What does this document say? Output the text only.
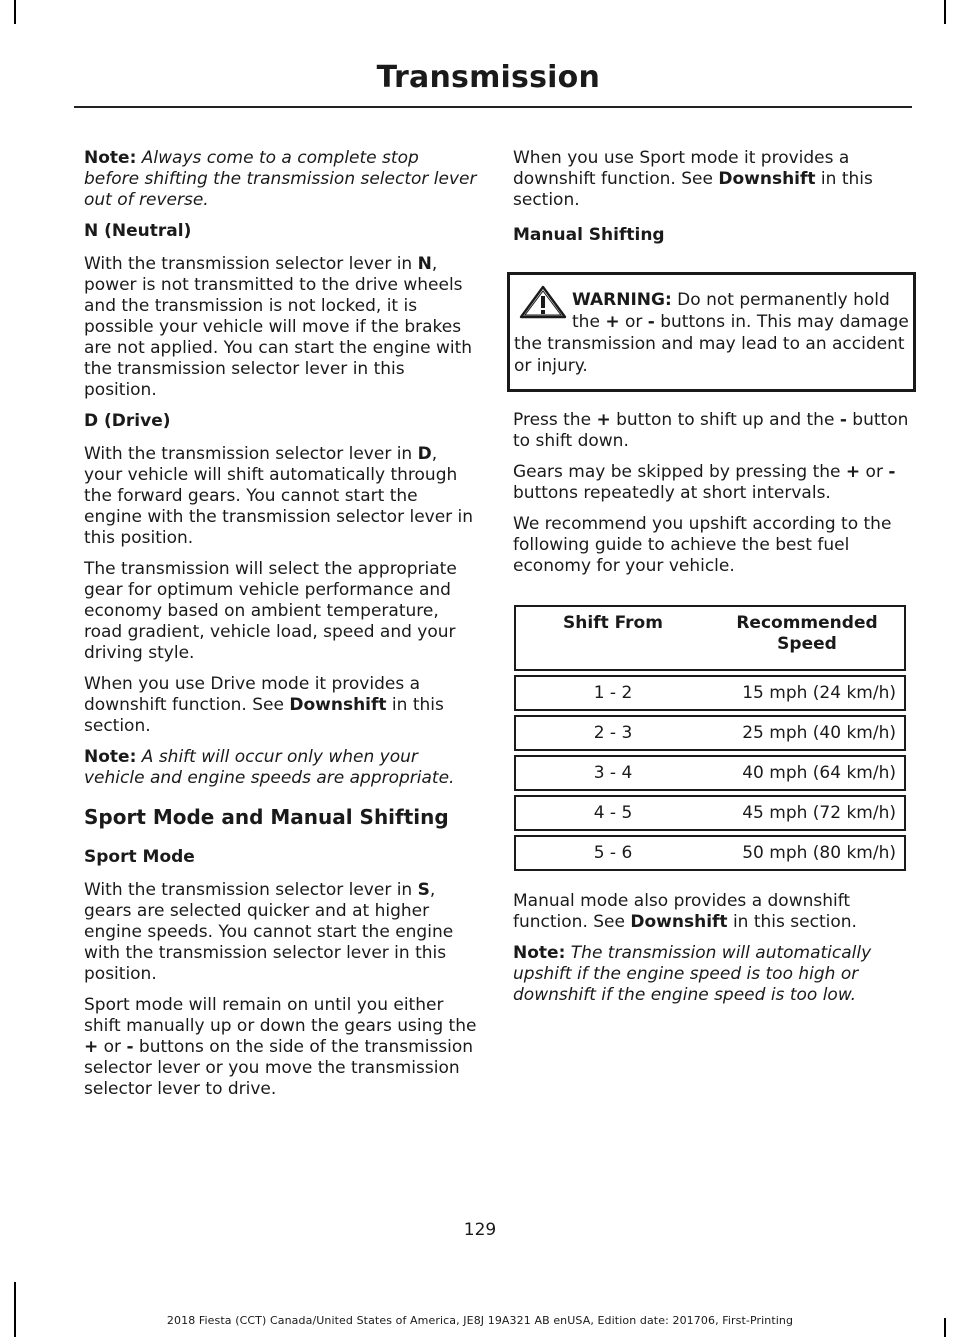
Transmission

Note: Always come to a complete stop before shifting the transmission selector lever out of reverse.

N (Neutral)

With the transmission selector lever in N, power is not transmitted to the drive wheels and the transmission is not locked, it is possible your vehicle will move if the brakes are not applied. You can start the engine with the transmission selector lever in this position.

D (Drive)

With the transmission selector lever in D, your vehicle will shift automatically through the forward gears. You cannot start the engine with the transmission selector lever in this position.

The transmission will select the appropriate gear for optimum vehicle performance and economy based on ambient temperature, road gradient, vehicle load, speed and your driving style.

When you use Drive mode it provides a downshift function. See Downshift in this section.

Note: A shift will occur only when your vehicle and engine speeds are appropriate.

Sport Mode and Manual Shifting
Sport Mode

With the transmission selector lever in S, gears are selected quicker and at higher engine speeds. You cannot start the engine with the transmission selector lever in this position.

Sport mode will remain on until you either shift manually up or down the gears using the + or - buttons on the side of the transmission selector lever or you move the transmission selector lever to drive.

When you use Sport mode it provides a downshift function. See Downshift in this section.

Manual Shifting
WARNING: Do not permanently hold the + or - buttons in. This may damage the transmission and may lead to an accident or injury.

Press the + button to shift up and the - button to shift down.

Gears may be skipped by pressing the + or - buttons repeatedly at short intervals.

We recommend you upshift according to the following guide to achieve the best fuel economy for your vehicle.

Shift From	Recommended Speed

1 - 2	15 mph (24 km/h)

2 - 3	25 mph (40 km/h)

3 - 4	40 mph (64 km/h)

4 - 5	45 mph (72 km/h)

5 - 6	50 mph (80 km/h)

Manual mode also provides a downshift function. See Downshift in this section.

Note: The transmission will automatically upshift if the engine speed is too high or downshift if the engine speed is too low.

129
2018 Fiesta (CCT) Canada/United States of America, JE8J 19A321 AB enUSA, Edition date: 201706, First-Printing
